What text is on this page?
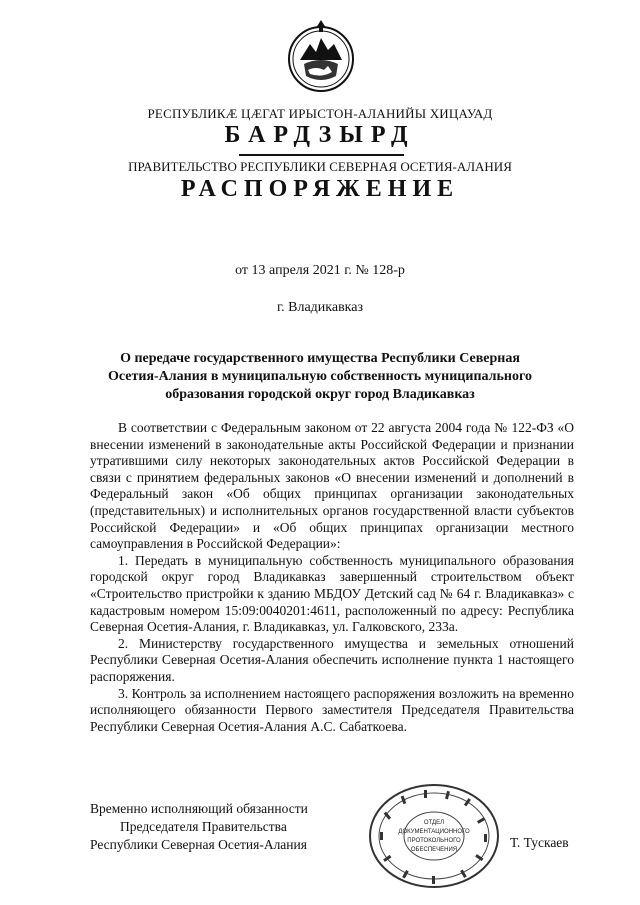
РЕСПУБЛИКӔ ЦӔГАТ ИРЫСТОН-АЛАНИЙЫ ХИЦАУАД
БАРДЗЫРД
ПРАВИТЕЛЬСТВО РЕСПУБЛИКИ СЕВЕРНАЯ ОСЕТИЯ-АЛАНИЯ
РАСПОРЯЖЕНИЕ
от 13 апреля 2021 г. № 128-р
г. Владикавказ
О передаче государственного имущества Республики Северная
Осетия-Алания в муниципальную собственность муниципального
образования городской округ город Владикавказ

В соответствии с Федеральным законом от 22 августа 2004 года № 122-ФЗ «О внесении изменений в законодательные акты Российской Федерации и признании утратившими силу некоторых законодательных актов Российской Федерации в связи с принятием федеральных законов «О внесении изменений и дополнений в Федеральный закон «Об общих принципах организации законодательных (представительных) и исполнительных органов государственной власти субъектов Российской Федерации» и «Об общих принципах организации местного самоуправления в Российской Федерации»:

1. Передать в муниципальную собственность муниципального образования городской округ город Владикавказ завершенный строительством объект «Строительство пристройки к зданию МБДОУ Детский сад № 64 г. Владикавказ» с кадастровым номером 15:09:0040201:4611, расположенный по адресу: Республика Северная Осетия-Алания, г. Владикавказ, ул. Галковского, 233а.

2. Министерству государственного имущества и земельных отношений Республики Северная Осетия-Алания обеспечить исполнение пункта 1 настоящего распоряжения.

3. Контроль за исполнением настоящего распоряжения возложить на временно исполняющего обязанности Первого заместителя Председателя Правительства Республики Северная Осетия-Алания А.С. Сабаткоева.

Временно исполняющий обязанности
Председателя Правительства
Республики Северная Осетия-Алания
ОТДЕЛ
ДОКУМЕНТАЦИОННОГО
ПРОТОКОЛЬНОГО
ОБЕСПЕЧЕНИЯ	Т. Тускаев
